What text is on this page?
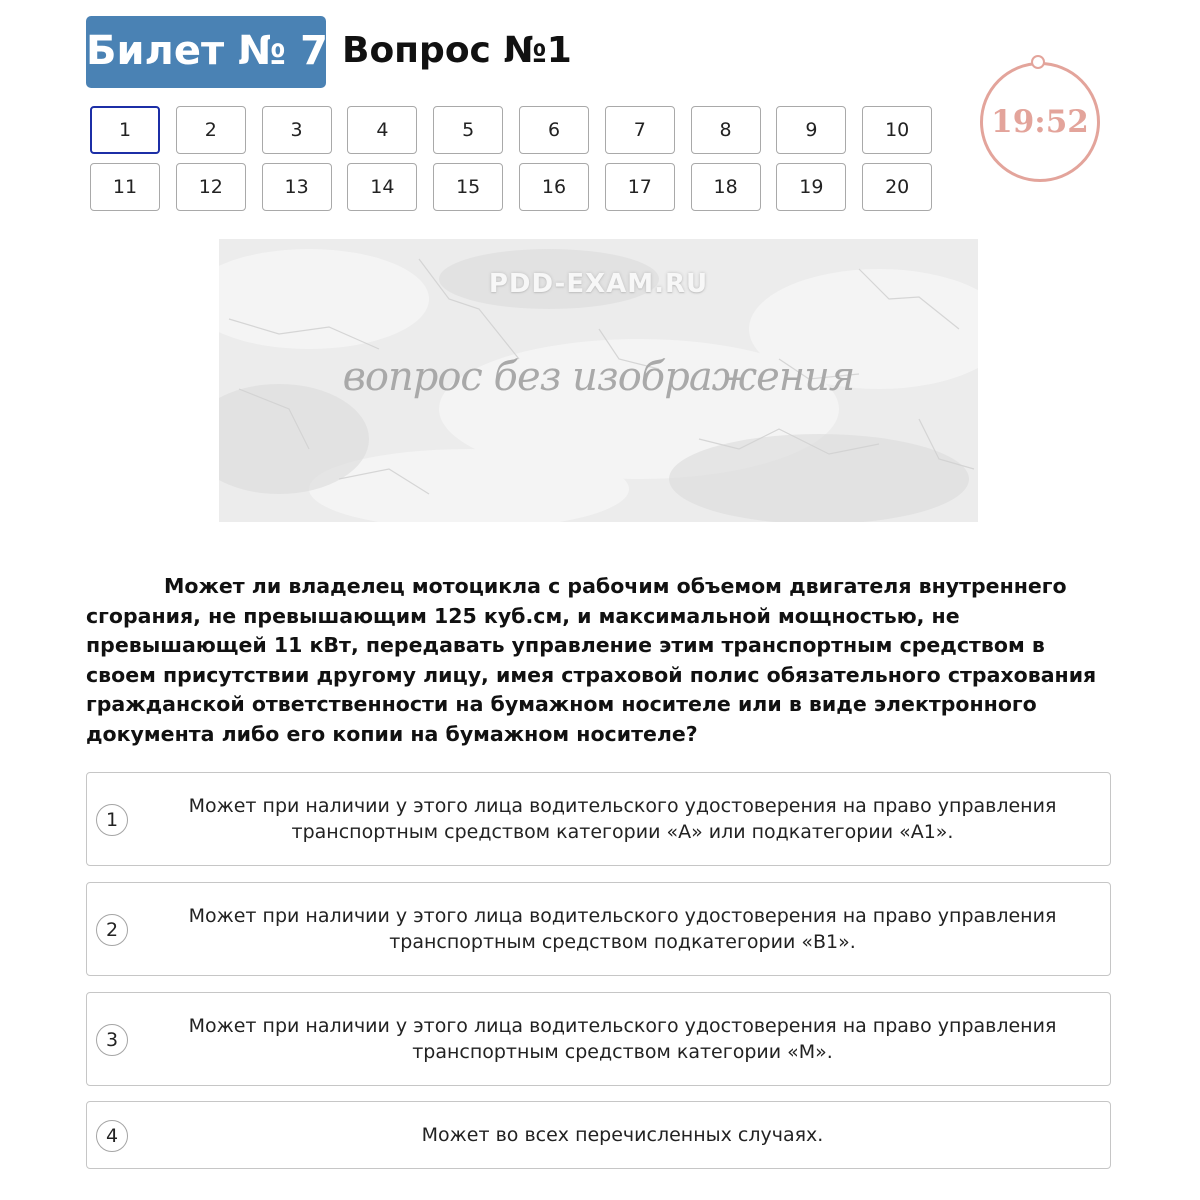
Билет № 7 Вопрос №1
1	2	3	4	5	6	7	8	9	10
11	12	13	14	15	16	17	18	19	20
19:52
PDD-EXAM.RU
вопрос без изображения

Может ли владелец мотоцикла с рабочим объемом двигателя внутреннего сгорания, не превышающим 125 куб.см, и максимальной мощностью, не превышающей 11 кВт, передавать управление этим транспортным средством в своем присутствии другому лицу, имея страховой полис обязательного страхования гражданской ответственности на бумажном носителе или в виде электронного документа либо его копии на бумажном носителе?

1
Может при наличии у этого лица водительского удостоверения на право управления транспортным средством категории «А» или подкатегории «А1».
2
Может при наличии у этого лица водительского удостоверения на право управления транспортным средством подкатегории «В1».
3
Может при наличии у этого лица водительского удостоверения на право управления транспортным средством категории «М».
4	Может во всех перечисленных случаях.
